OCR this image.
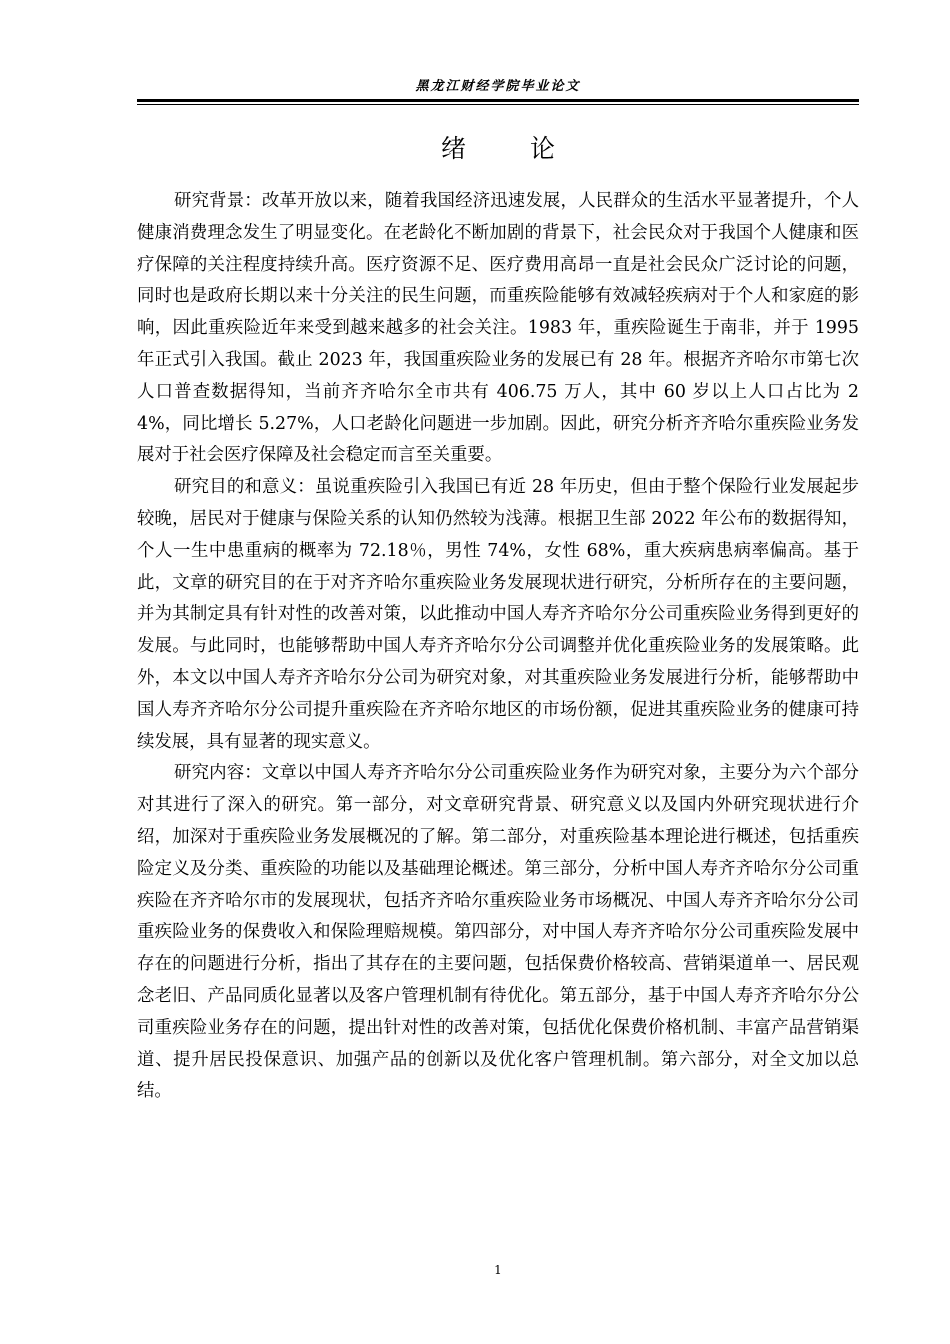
黑龙江财经学院毕业论文
绪 论

研究背景：改革开放以来，随着我国经济迅速发展，人民群众的生活水平显著提升，个人健康消费理念发生了明显变化。在老龄化不断加剧的背景下，社会民众对于我国个人健康和医疗保障的关注程度持续升高。医疗资源不足、医疗费用高昂一直是社会民众广泛讨论的问题，同时也是政府长期以来十分关注的民生问题，而重疾险能够有效减轻疾病对于个人和家庭的影响，因此重疾险近年来受到越来越多的社会关注。1983 年，重疾险诞生于南非，并于 1995 年正式引入我国。截止 2023 年，我国重疾险业务的发展已有 28 年。根据齐齐哈尔市第七次人口普查数据得知，当前齐齐哈尔全市共有 406.75 万人，其中 60 岁以上人口占比为 24%，同比增长 5.27%，人口老龄化问题进一步加剧。因此，研究分析齐齐哈尔重疾险业务发展对于社会医疗保障及社会稳定而言至关重要。

研究目的和意义：虽说重疾险引入我国已有近 28 年历史，但由于整个保险行业发展起步较晚，居民对于健康与保险关系的认知仍然较为浅薄。根据卫生部 2022 年公布的数据得知，个人一生中患重病的概率为 72.18％，男性 74%，女性 68%，重大疾病患病率偏高。基于此，文章的研究目的在于对齐齐哈尔重疾险业务发展现状进行研究，分析所存在的主要问题，并为其制定具有针对性的改善对策，以此推动中国人寿齐齐哈尔分公司重疾险业务得到更好的发展。与此同时，也能够帮助中国人寿齐齐哈尔分公司调整并优化重疾险业务的发展策略。此外，本文以中国人寿齐齐哈尔分公司为研究对象，对其重疾险业务发展进行分析，能够帮助中国人寿齐齐哈尔分公司提升重疾险在齐齐哈尔地区的市场份额，促进其重疾险业务的健康可持续发展，具有显著的现实意义。

研究内容：文章以中国人寿齐齐哈尔分公司重疾险业务作为研究对象，主要分为六个部分对其进行了深入的研究。第一部分，对文章研究背景、研究意义以及国内外研究现状进行介绍，加深对于重疾险业务发展概况的了解。第二部分，对重疾险基本理论进行概述，包括重疾险定义及分类、重疾险的功能以及基础理论概述。第三部分，分析中国人寿齐齐哈尔分公司重疾险在齐齐哈尔市的发展现状，包括齐齐哈尔重疾险业务市场概况、中国人寿齐齐哈尔分公司重疾险业务的保费收入和保险理赔规模。第四部分，对中国人寿齐齐哈尔分公司重疾险发展中存在的问题进行分析，指出了其存在的主要问题，包括保费价格较高、营销渠道单一、居民观念老旧、产品同质化显著以及客户管理机制有待优化。第五部分，基于中国人寿齐齐哈尔分公司重疾险业务存在的问题，提出针对性的改善对策，包括优化保费价格机制、丰富产品营销渠道、提升居民投保意识、加强产品的创新以及优化客户管理机制。第六部分，对全文加以总结。

1
